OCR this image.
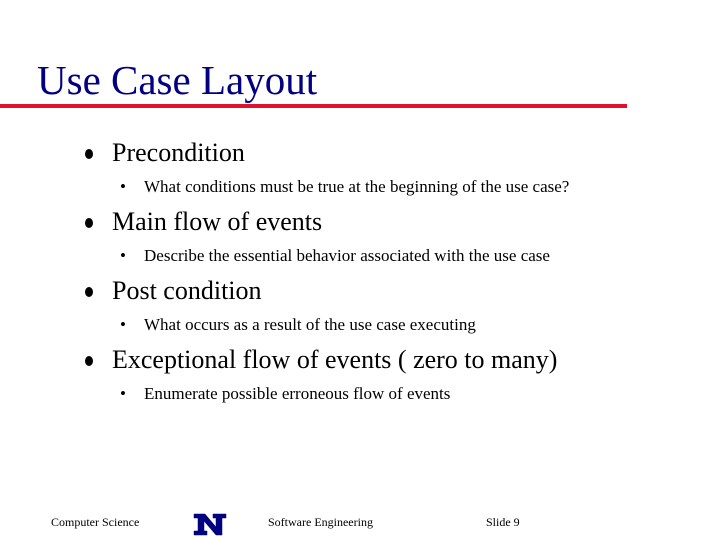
Use Case Layout
Precondition
• What conditions must be true at the beginning of the use case?
Main flow of events
• Describe the essential behavior associated with the use case
Post condition
• What occurs as a result of the use case executing
Exceptional flow of events ( zero to many)
• Enumerate possible erroneous flow of events
Computer Science	Software Engineering	Slide 9
